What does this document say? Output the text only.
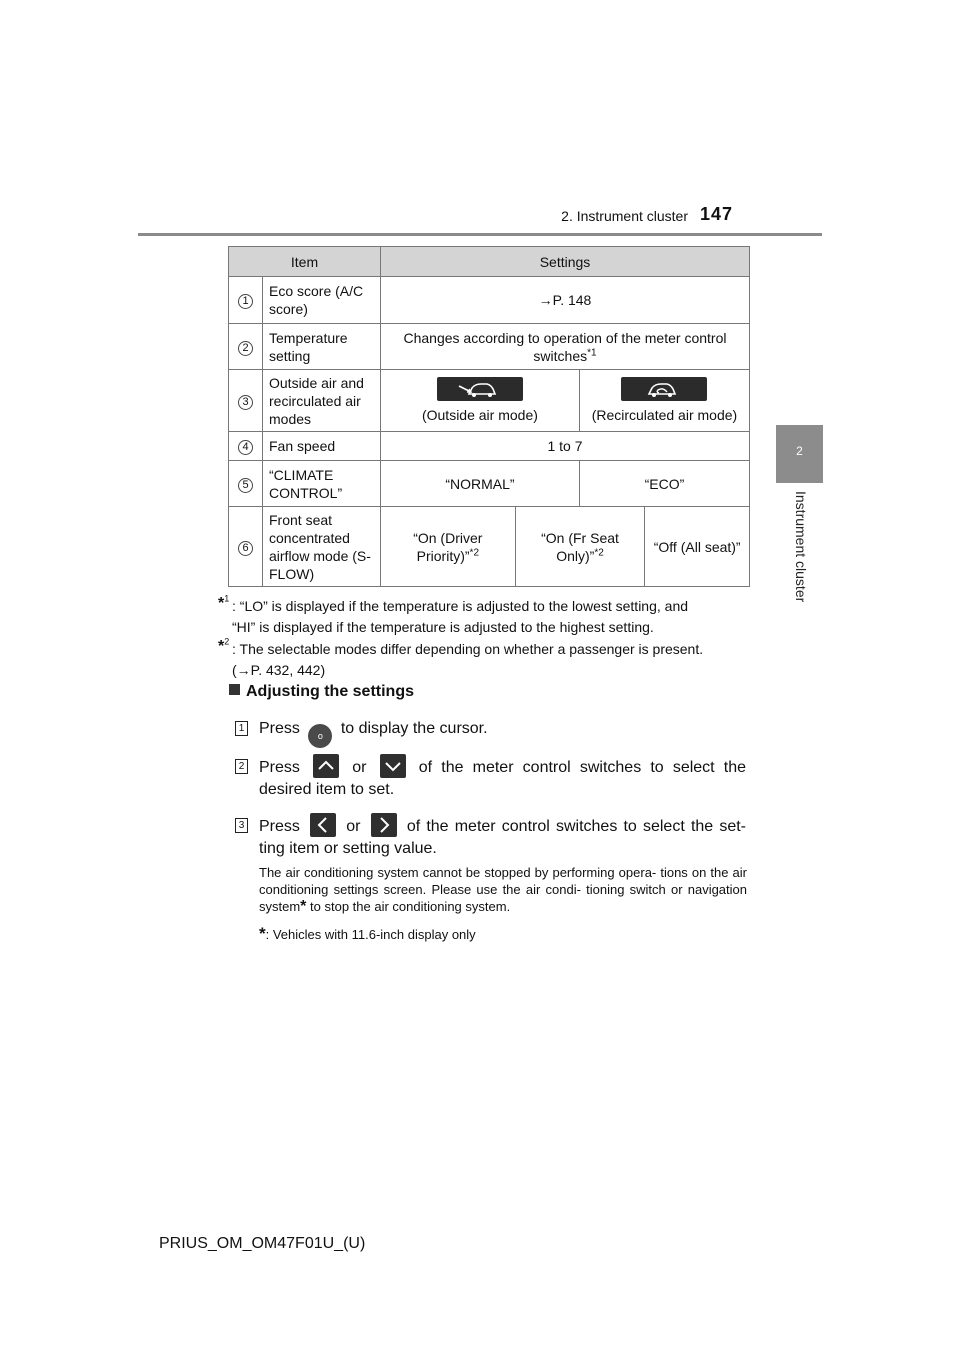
2. Instrument cluster 147
2
Instrument cluster
Item		Settings			
1	Eco score (A/C score)	→P. 148			
2	Temperature setting	Changes according to operation of the meter control switches$^{*1}$
3	Outside air and recirculated air modes	(Outside air mode)		(Recirculated air mode)	
4	Fan speed	1 to 7			
5	“CLIMATE CONTROL”	“NORMAL”		“ECO”	
6	Front seat concentrated airflow mode (S-FLOW)	“On (Driver Priority)”$^{*2}$	“On (Fr Seat Only)”$^{*2}$		“Off (All seat)”
*$^1$ : “LO” is displayed if the temperature is adjusted to the lowest setting, and
“HI” is displayed if the temperature is adjusted to the highest setting.
*$^2$ : The selectable modes differ depending on whether a passenger is present.
(→P. 432, 442)
Adjusting the settings
1 Press o to display the cursor.
2 Press	or	of the meter control switches to select the
desired item to set.
3 Press	or	of the meter control switches to select the set-
ting item or setting value.
The air conditioning system cannot be stopped by performing opera- tions on the air conditioning settings screen. Please use the air condi- tioning switch or navigation system* to stop the air conditioning system.
*: Vehicles with 11.6-inch display only
PRIUS_OM_OM47F01U_(U)
